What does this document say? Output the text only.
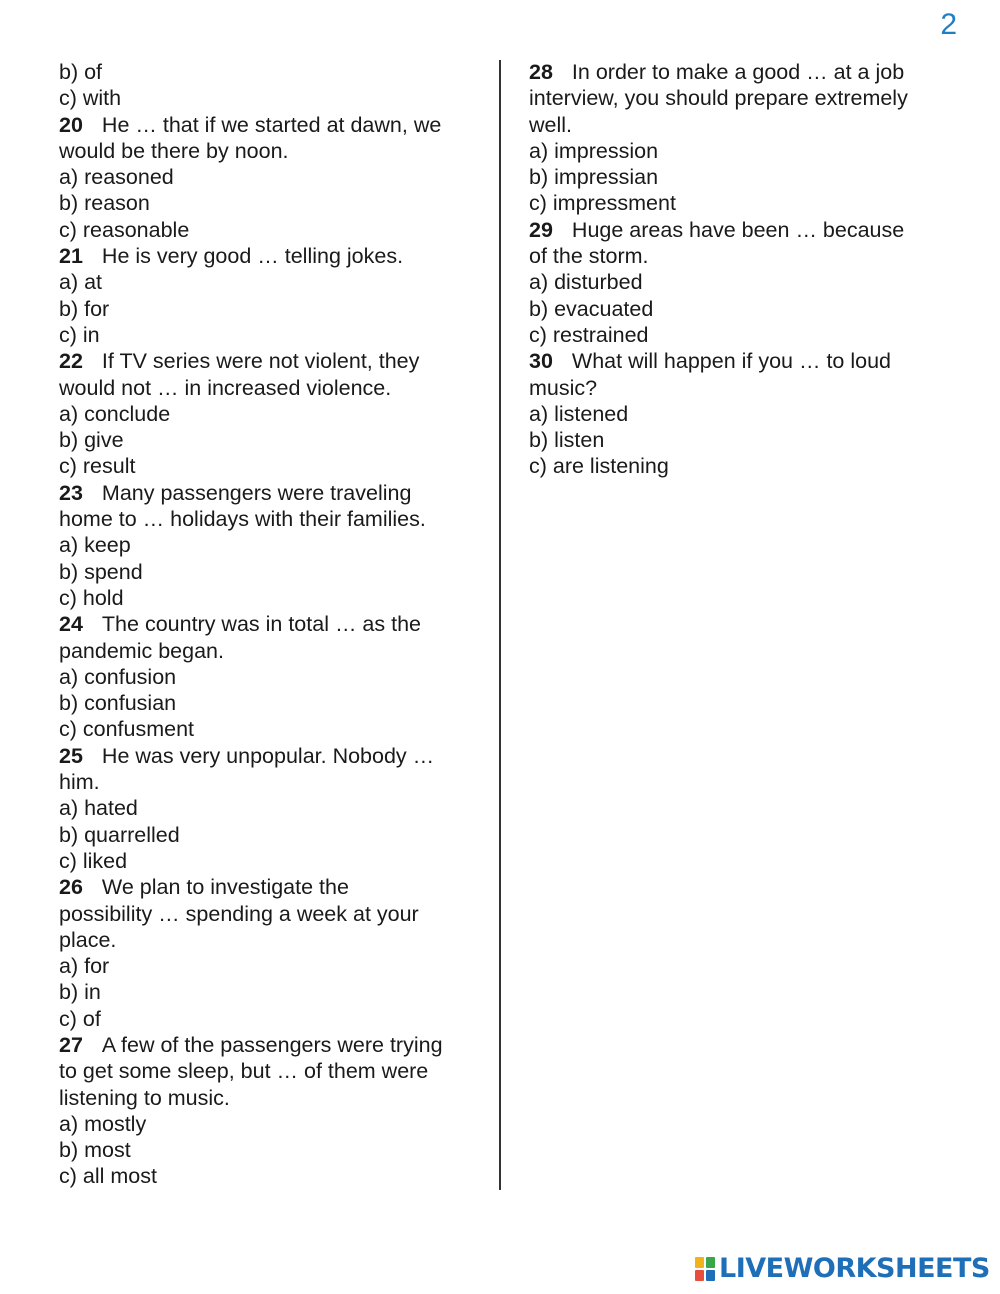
2
b) of
c) with
20 He … that if we started at dawn, we
would be there by noon.
a) reasoned
b) reason
c) reasonable
21 He is very good … telling jokes.
a) at
b) for
c) in
22 If TV series were not violent, they
would not … in increased violence.
a) conclude
b) give
c) result
23 Many passengers were traveling
home to … holidays with their families.
a) keep
b) spend
c) hold
24 The country was in total … as the
pandemic began.
a) confusion
b) confusian
c) confusment
25 He was very unpopular. Nobody …
him.
a) hated
b) quarrelled
c) liked
26 We plan to investigate the
possibility … spending a week at your
place.
a) for
b) in
c) of
27 A few of the passengers were trying
to get some sleep, but … of them were
listening to music.
a) mostly
b) most
c) all most
28 In order to make a good … at a job
interview, you should prepare extremely
well.
a) impression
b) impressian
c) impressment
29 Huge areas have been … because
of the storm.
a) disturbed
b) evacuated
c) restrained
30 What will happen if you … to loud
music?
a) listened
b) listen
c) are listening
LIVEWORKSHEETS
